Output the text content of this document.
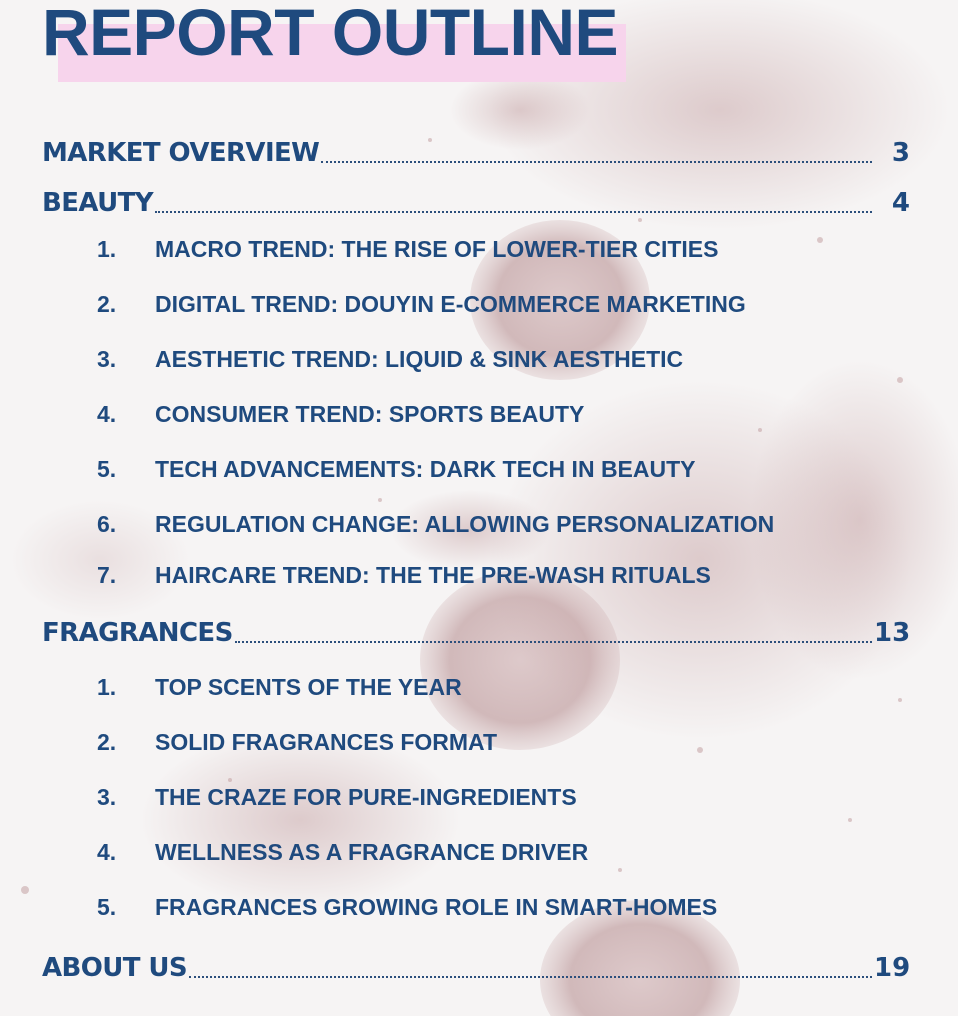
REPORT OUTLINE
MARKET OVERVIEW	3
BEAUTY	4
1.	MACRO TREND: THE RISE OF LOWER-TIER CITIES
2.	DIGITAL TREND: DOUYIN E-COMMERCE MARKETING
3.	AESTHETIC TREND: LIQUID & SINK AESTHETIC
4.	CONSUMER TREND: SPORTS BEAUTY
5.	TECH ADVANCEMENTS: DARK TECH IN BEAUTY
6.	REGULATION CHANGE: ALLOWING PERSONALIZATION
7.	HAIRCARE TREND: THE THE PRE-WASH RITUALS
FRAGRANCES	13
1.	TOP SCENTS OF THE YEAR
2.	SOLID FRAGRANCES FORMAT
3.	THE CRAZE FOR PURE-INGREDIENTS
4.	WELLNESS AS A FRAGRANCE DRIVER
5.	FRAGRANCES GROWING ROLE IN SMART-HOMES
ABOUT US	19
